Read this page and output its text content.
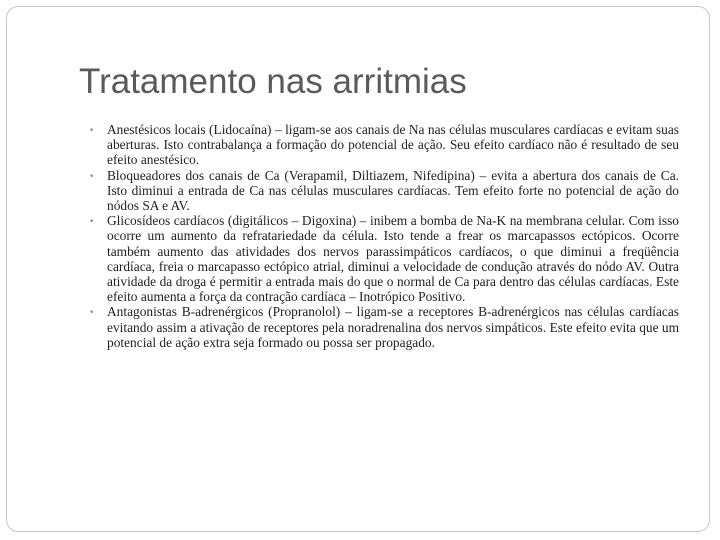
Tratamento nas arritmias
• Anestésicos locais (Lidocaína) – ligam-se aos canais de Na nas células musculares cardíacas e evitam suas aberturas. Isto contrabalança a formação do potencial de ação. Seu efeito cardíaco não é resultado de seu efeito anestésico.
• Bloqueadores dos canais de Ca (Verapamil, Diltiazem, Nifedipina) – evita a abertura dos canais de Ca. Isto diminui a entrada de Ca nas células musculares cardíacas. Tem efeito forte no potencial de ação do nódos SA e AV.
• Glicosídeos cardíacos (digitálicos – Digoxina) – inibem a bomba de Na-K na membrana celular. Com isso ocorre um aumento da refratariedade da célula. Isto tende a frear os marcapassos ectópicos. Ocorre também aumento das atividades dos nervos parassimpáticos cardíacos, o que diminui a freqüência cardíaca, freia o marcapasso ectópico atrial, diminui a velocidade de condução através do nódo AV. Outra atividade da droga é permitir a entrada mais do que o normal de Ca para dentro das células cardíacas. Este efeito aumenta a força da contração cardíaca – Inotrópico Positivo.
• Antagonistas Β-adrenérgicos (Propranolol) – ligam-se a receptores Β-adrenérgicos nas células cardíacas evitando assim a ativação de receptores pela noradrenalina dos nervos simpáticos. Este efeito evita que um potencial de ação extra seja formado ou possa ser propagado.
